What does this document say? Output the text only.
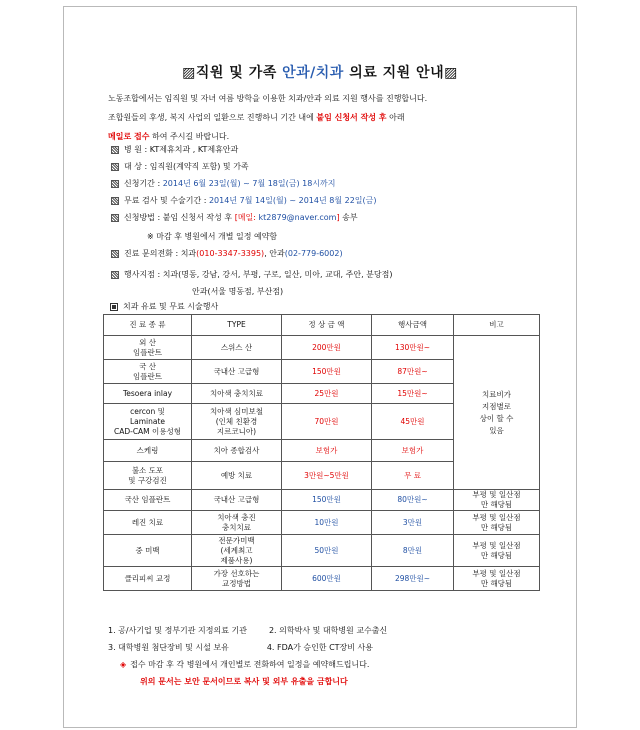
▨직원 및 가족 안과/치과 의료 지원 안내▨
노동조합에서는 임직원 및 자녀 여름 방학을 이용한 치과/안과 의료 지원 행사를 진행합니다.
조합원들의 후생, 복지 사업의 일환으로 진행하니 기간 내에 붙임 신청서 작성 후 아래
메일로 접수 하여 주시길 바랍니다.
병 원 : KT제휴치과 , KT제휴안과
대 상 : 임직원(계약직 포함) 및 가족
신청기간 : 2014년 6월 23일(월) ~ 7월 18일(금) 18시까지
무료 검사 및 수술기간 : 2014년 7월 14일(월) ~ 2014년 8월 22일(금)
신청방법 : 붙임 신청서 작성 후 [메일: kt2879@naver.com] 송부
※ 마감 후 병원에서 개별 일정 예약함
진료 문의전화 : 치과(010-3347-3395), 안과(02-779-6002)
행사지점 : 치과(명동, 강남, 강서, 부평, 구로, 일산, 미아, 교대, 주안, 분당점)
안과(서울 명동점, 부산점)
치과 유료 및 무료 시술행사
진 료 종 류	TYPE	정 상 금 액	행사금액	비고
외 산
임플란트	스위스 산	200만원	130만원~	치료비가
지점별로
상이 할 수
있음
국 산
임플란트	국내산 고급형	150만원	87만원~	
Tesoera inlay	치아색 충치치료	25만원	15만원~	
cercon 및
Laminate
CAD-CAM 이용성형	치아색 심미보철
(인체 친환경
지르코니아)	70만원	45만원	
스케링	치아 종합검사	보험가	보험가	
불소 도포
및 구강검진	예방 치료	3만원~5만원	무 료	
국산 임플란트	국내산 고급형	150만원	80만원~	부평 및 일산점
만 해당됨
레진 치료	치아색 충진
충치치료	10만원	3만원	부평 및 일산점
만 해당됨
중 미백	전문가미백
(세계최고
제품사용)	50만원	8만원	부평 및 일산점
만 해당됨
클리피씨 교정	가장 선호하는
교정방법	600만원	298만원~	부평 및 일산점
만 해당됨
1. 공/사기업 및 정부기관 지정의료 기관	2. 의학박사 및 대학병원 교수출신
3. 대학병원 첨단장비 및 시설 보유	4. FDA가 승인한 CT장비 사용
◈ 접수 마감 후 각 병원에서 개인별로 전화하여 일정을 예약해드립니다.
위의 문서는 보안 문서이므로 복사 및 외부 유출을 금합니다
